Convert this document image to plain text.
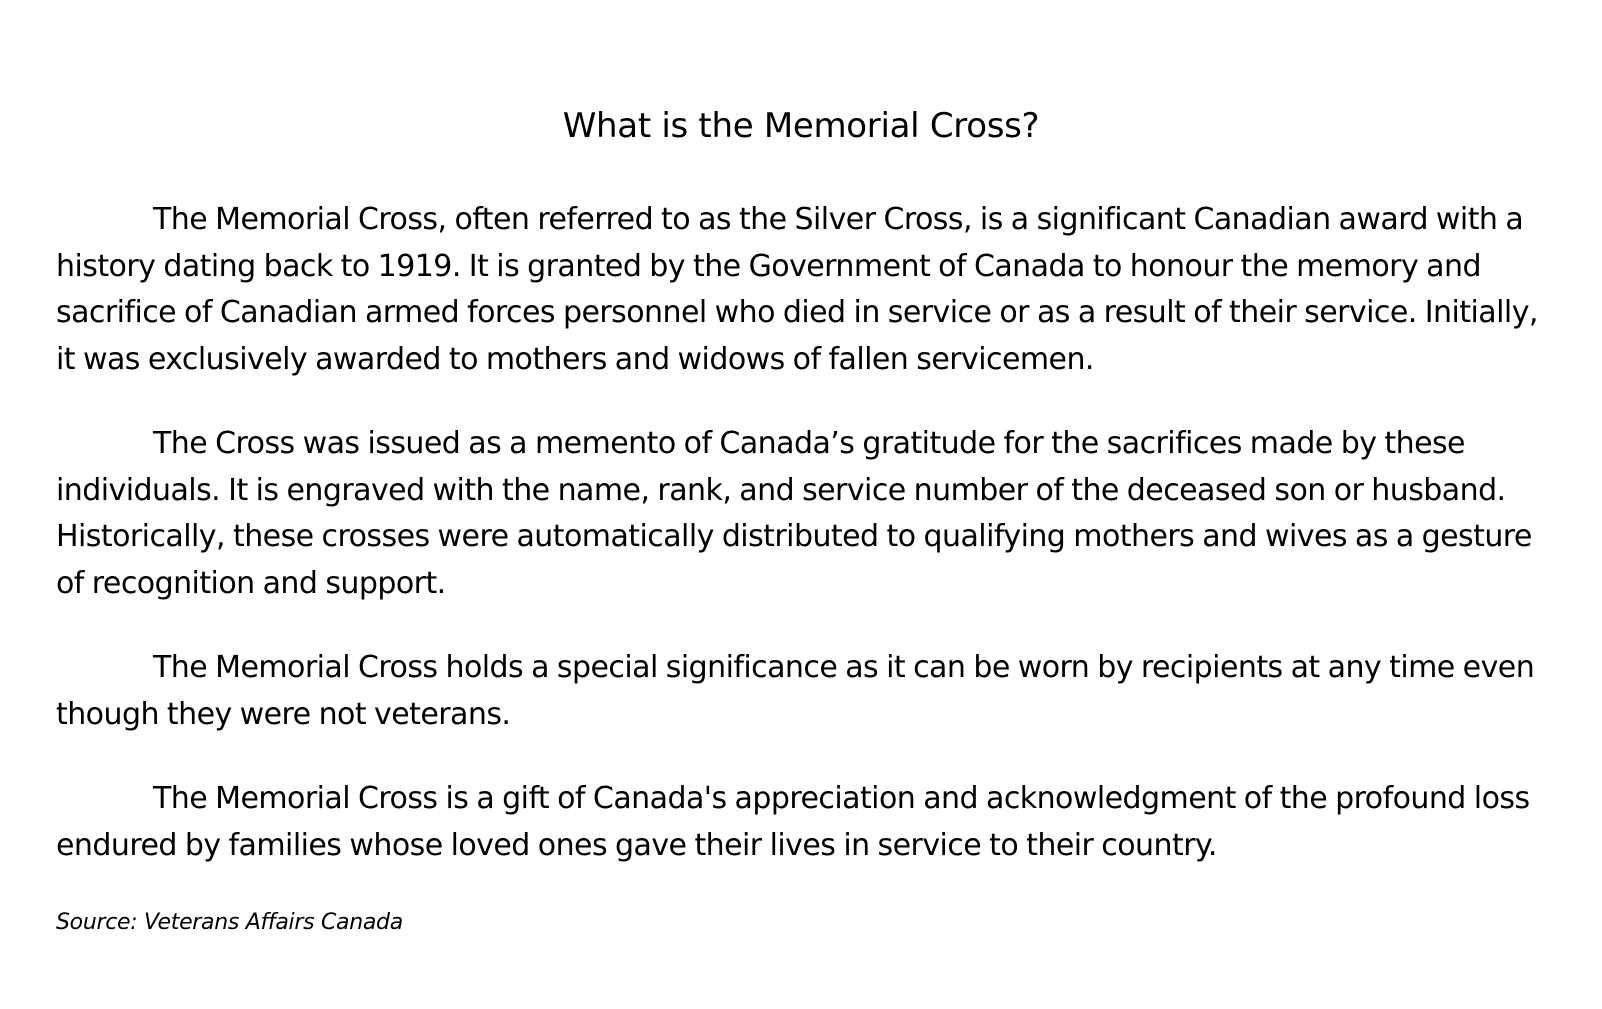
What is the Memorial Cross?

The Memorial Cross, often referred to as the Silver Cross, is a significant Canadian award with a history dating back to 1919. It is granted by the Government of Canada to honour the memory and sacrifice of Canadian armed forces personnel who died in service or as a result of their service. Initially, it was exclusively awarded to mothers and widows of fallen servicemen.

The Cross was issued as a memento of Canada’s gratitude for the sacrifices made by these individuals. It is engraved with the name, rank, and service number of the deceased son or husband. Historically, these crosses were automatically distributed to qualifying mothers and wives as a gesture of recognition and support.

The Memorial Cross holds a special significance as it can be worn by recipients at any time even though they were not veterans.

The Memorial Cross is a gift of Canada's appreciation and acknowledgment of the profound loss endured by families whose loved ones gave their lives in service to their country.

Source: Veterans Affairs Canada
